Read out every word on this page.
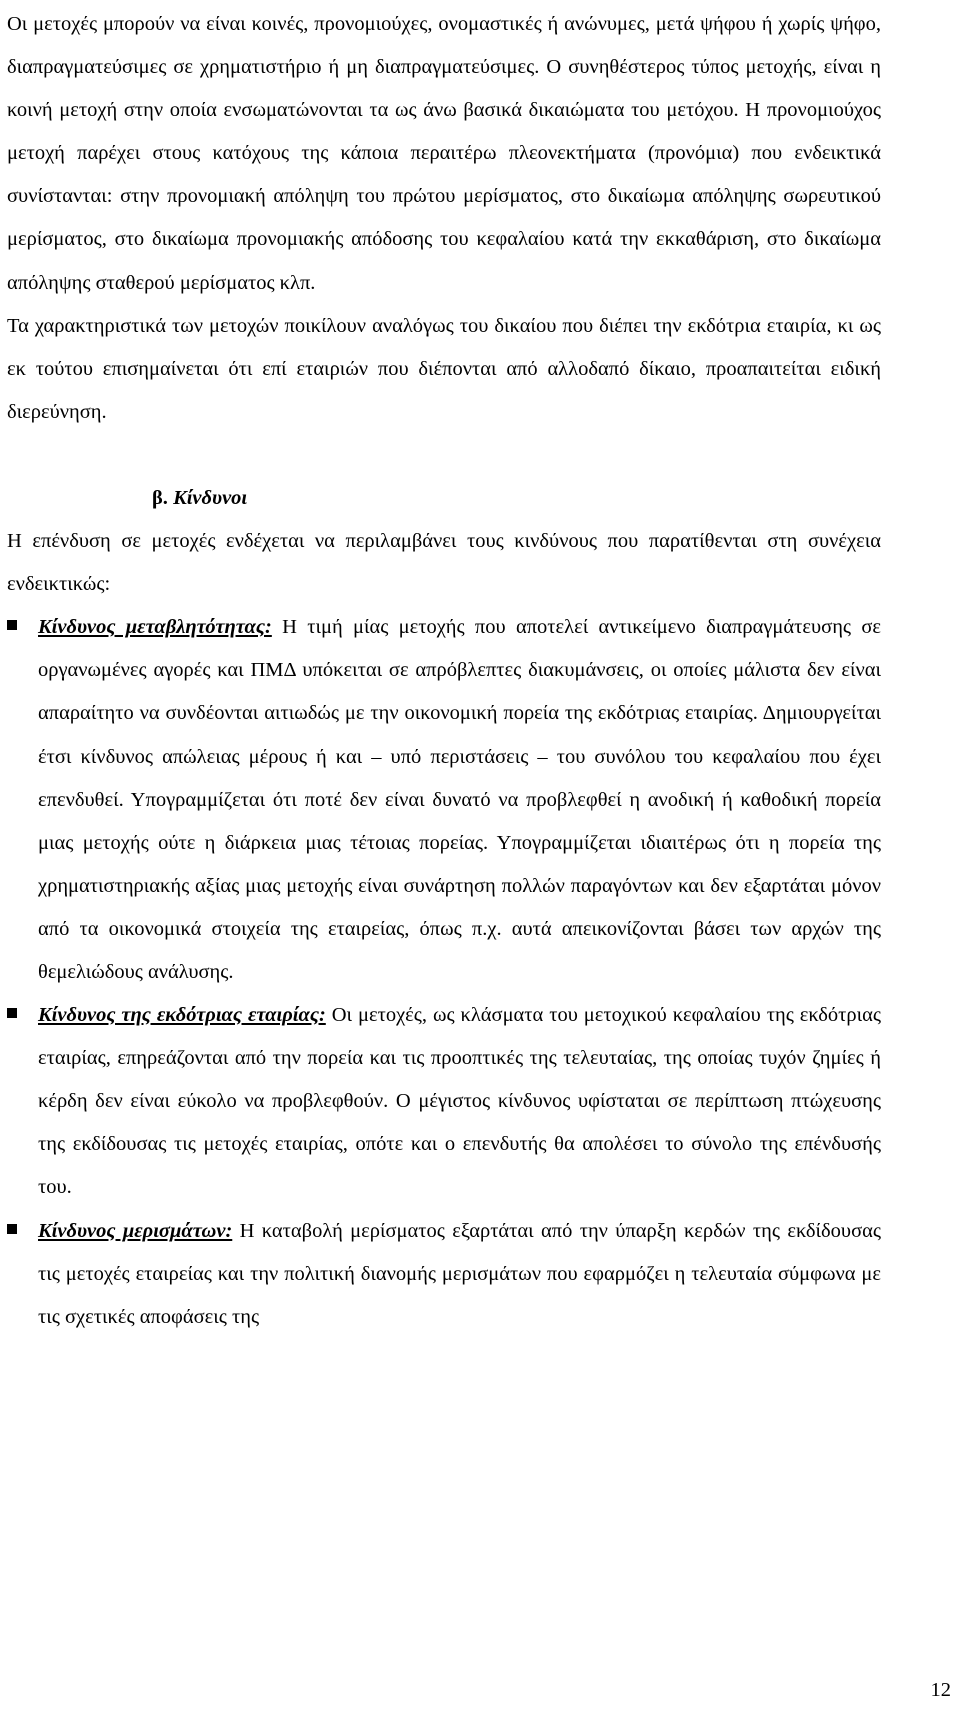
Οι μετοχές μπορούν να είναι κοινές, προνομιούχες, ονομαστικές ή ανώνυμες, μετά ψήφου ή χωρίς ψήφο, διαπραγματεύσιμες σε χρηματιστήριο ή μη διαπραγματεύσιμες. Ο συνηθέστερος τύπος μετοχής, είναι η κοινή μετοχή στην οποία ενσωματώνονται τα ως άνω βασικά δικαιώματα του μετόχου. Η προνομιούχος μετοχή παρέχει στους κατόχους της κάποια περαιτέρω πλεονεκτήματα (προνόμια) που ενδεικτικά συνίστανται: στην προνομιακή απόληψη του πρώτου μερίσματος, στο δικαίωμα απόληψης σωρευτικού μερίσματος, στο δικαίωμα προνομιακής απόδοσης του κεφαλαίου κατά την εκκαθάριση, στο δικαίωμα απόληψης σταθερού μερίσματος κλπ.

Τα χαρακτηριστικά των μετοχών ποικίλουν αναλόγως του δικαίου που διέπει την εκδότρια εταιρία, κι ως εκ τούτου επισημαίνεται ότι επί εταιριών που διέπονται από αλλοδαπό δίκαιο, προαπαιτείται ειδική διερεύνηση.

β. Κίνδυνοι

Η επένδυση σε μετοχές ενδέχεται να περιλαμβάνει τους κινδύνους που παρατίθενται στη συνέχεια ενδεικτικώς:

Κίνδυνος μεταβλητότητας: Η τιμή μίας μετοχής που αποτελεί αντικείμενο διαπραγμάτευσης σε οργανωμένες αγορές και ΠΜΔ υπόκειται σε απρόβλεπτες διακυμάνσεις, οι οποίες μάλιστα δεν είναι απαραίτητο να συνδέονται αιτιωδώς με την οικονομική πορεία της εκδότριας εταιρίας. Δημιουργείται έτσι κίνδυνος απώλειας μέρους ή και – υπό περιστάσεις – του συνόλου του κεφαλαίου που έχει επενδυθεί. Υπογραμμίζεται ότι ποτέ δεν είναι δυνατό να προβλεφθεί η ανοδική ή καθοδική πορεία μιας μετοχής ούτε η διάρκεια μιας τέτοιας πορείας. Υπογραμμίζεται ιδιαιτέρως ότι η πορεία της χρηματιστηριακής αξίας μιας μετοχής είναι συνάρτηση πολλών παραγόντων και δεν εξαρτάται μόνον από τα οικονομικά στοιχεία της εταιρείας, όπως π.χ. αυτά απεικονίζονται βάσει των αρχών της θεμελιώδους ανάλυσης.
Κίνδυνος της εκδότριας εταιρίας: Οι μετοχές, ως κλάσματα του μετοχικού κεφαλαίου της εκδότριας εταιρίας, επηρεάζονται από την πορεία και τις προοπτικές της τελευταίας, της οποίας τυχόν ζημίες ή κέρδη δεν είναι εύκολο να προβλεφθούν. Ο μέγιστος κίνδυνος υφίσταται σε περίπτωση πτώχευσης της εκδίδουσας τις μετοχές εταιρίας, οπότε και ο επενδυτής θα απολέσει το σύνολο της επένδυσής του.
Κίνδυνος μερισμάτων: Η καταβολή μερίσματος εξαρτάται από την ύπαρξη κερδών της εκδίδουσας τις μετοχές εταιρείας και την πολιτική διανομής μερισμάτων που εφαρμόζει η τελευταία σύμφωνα με τις σχετικές αποφάσεις της
12
